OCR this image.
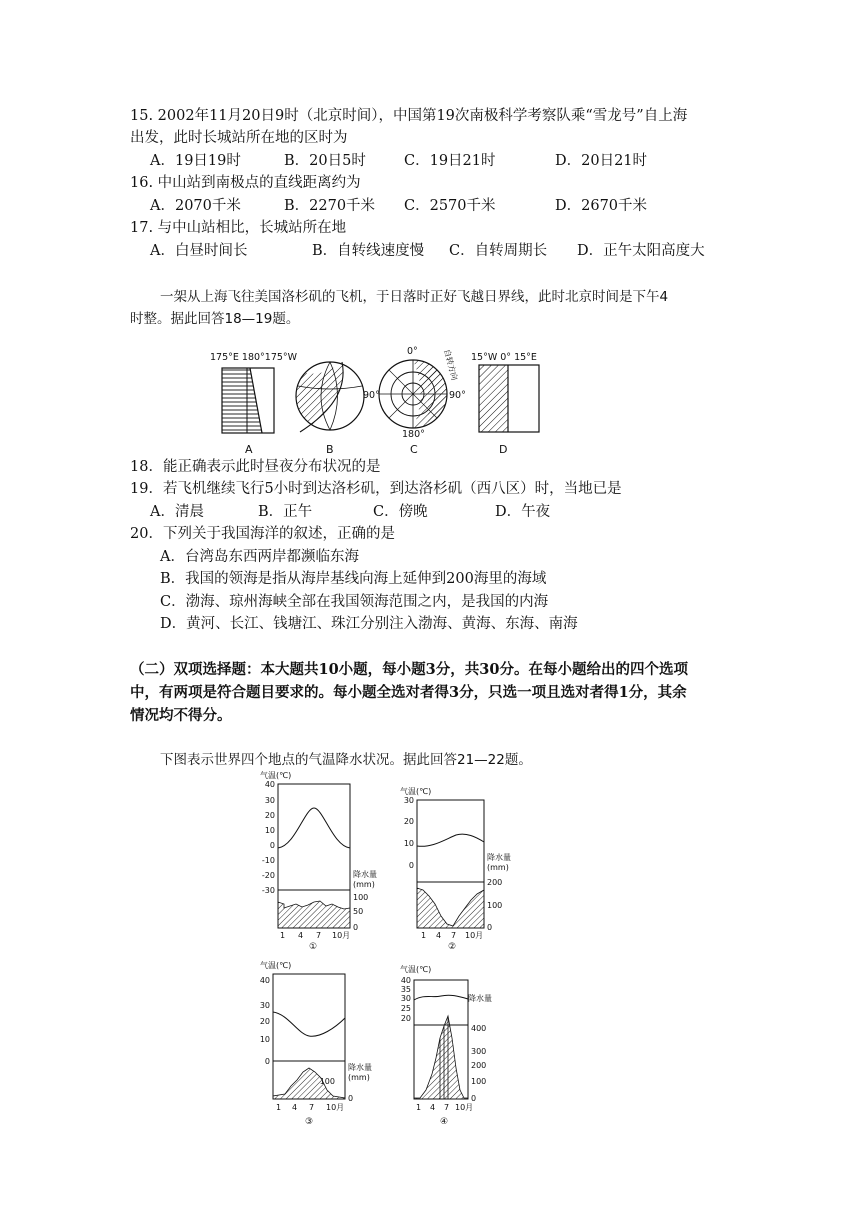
15. 2002年11月20日9时（北京时间），中国第19次南极科学考察队乘“雪龙号”自上海
出发，此时长城站所在地的区时为
A．19日19时	B．20日5时	C．19日21时	D．20日21时
16. 中山站到南极点的直线距离约为
A．2070千米	B．2270千米 C．2570千米	D．2670千米
17. 与中山站相比，长城站所在地
A．白昼时间长	B．自转线速度慢 C．自转周期长 D．正午太阳高度大
一架从上海飞往美国洛杉矶的飞机，于日落时正好飞越日界线，此时北京时间是下午4
时整。据此回答18—19题。
175°E 180°175°W
A	B
0°	自转方向
90°	90°
180°
C
15°W 0° 15°E
D
18．能正确表示此时昼夜分布状况的是
19．若飞机继续飞行5小时到达洛杉矶，到达洛杉矶（西八区）时，当地已是
A．清晨	B．正午	C．傍晚	D．午夜
20．下列关于我国海洋的叙述，正确的是
A．台湾岛东西两岸都濒临东海
B．我国的领海是指从海岸基线向海上延伸到200海里的海域
C．渤海、琼州海峡全部在我国领海范围之内，是我国的内海
D．黄河、长江、钱塘江、珠江分别注入渤海、黄海、东海、南海
（二）双项选择题：本大题共10小题，每小题3分，共30分。在每小题给出的四个选项
中，有两项是符合题目要求的。每小题全选对者得3分，只选一项且选对者得1分，其余
情况均不得分。
下图表示世界四个地点的气温降水状况。据此回答21—22题。
气温(℃)
40
30
20
10
0
-10
-20
-30
降水量
(mm)
100
50
0
1 4 7 10月
①
气温(℃)
30
20
10
0
降水量
(mm)
200
100
0
1 4 7 10月
②
气温(℃)
40
30
20
10
0
降水量
(mm)
100
0
1 4 7 10月
③
气温(℃)
40
35
30
25
20
降水量
400
300
200
100
0
1 4 7 10月
④
